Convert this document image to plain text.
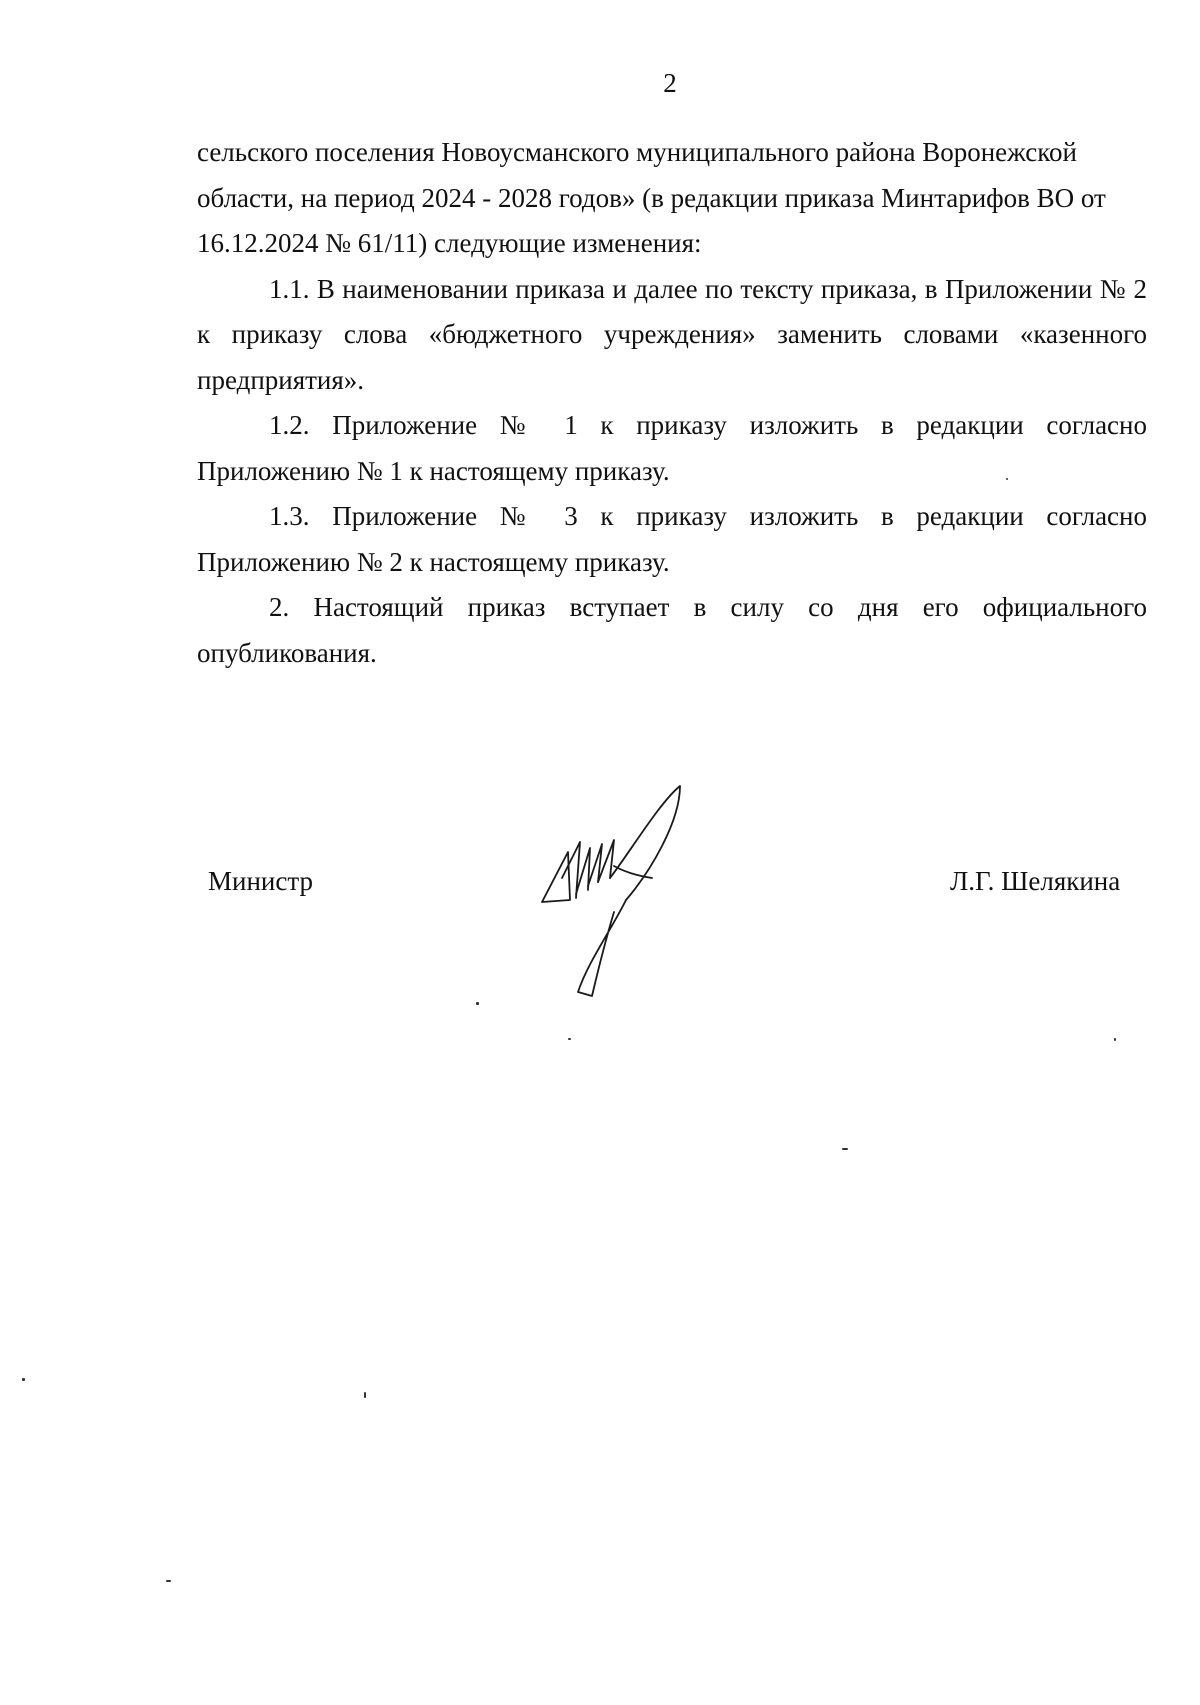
2

сельского поселения Новоусманского муниципального района Воронежской области, на период 2024 - 2028 годов» (в редакции приказа Минтарифов ВО от 16.12.2024 № 61/11) следующие изменения:

1.1. В наименовании приказа и далее по тексту приказа, в Приложении № 2 к приказу слова «бюджетного учреждения» заменить словами «казенного предприятия».

1.2. Приложение № 1 к приказу изложить в редакции согласно Приложению № 1 к настоящему приказу.

1.3. Приложение № 3 к приказу изложить в редакции согласно Приложению № 2 к настоящему приказу.

2. Настоящий приказ вступает в силу со дня его официального опубликования.

Министр	Л.Г. Шелякина
